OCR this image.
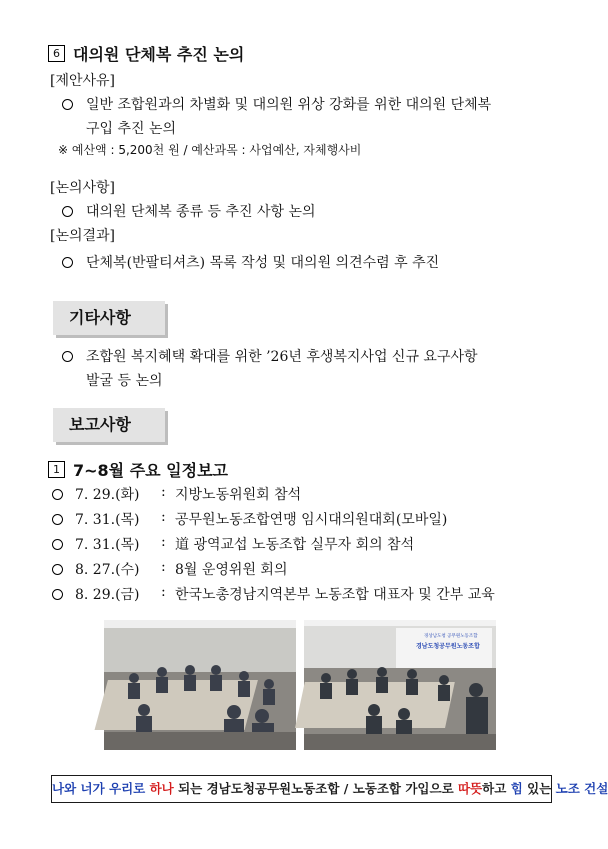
6 대의원 단체복 추진 논의
[제안사유]
일반 조합원과의 차별화 및 대의원 위상 강화를 위한 대의원 단체복
구입 추진 논의
※ 예산액 : 5,200천 원 / 예산과목 : 사업예산, 자체행사비
[논의사항]
대의원 단체복 종류 등 추진 사항 논의
[논의결과]
단체복(반팔티셔츠) 목록 작성 및 대의원 의견수렴 후 추진
기타사항
조합원 복지혜택 확대를 위한 ’26년 후생복지사업 신규 요구사항
발굴 등 논의
보고사항
1 7~8월 주요 일정보고
7. 29.(화)	: 지방노동위원회 참석
7. 31.(목)	: 공무원노동조합연맹 임시대의원대회(모바일)
7. 31.(목)	: 道 광역교섭 노동조합 실무자 회의 참석
8. 27.(수)	: 8월 운영위원 회의
8. 29.(금)	: 한국노총경남지역본부 노동조합 대표자 및 간부 교육
경상남도청 공무원노동조합
경남도청공무원노동조합
나와 너가 우리로 하나 되는 경남도청공무원노동조합 / 노동조합 가입으로 따뜻하고 힘 있는 노조 건설
